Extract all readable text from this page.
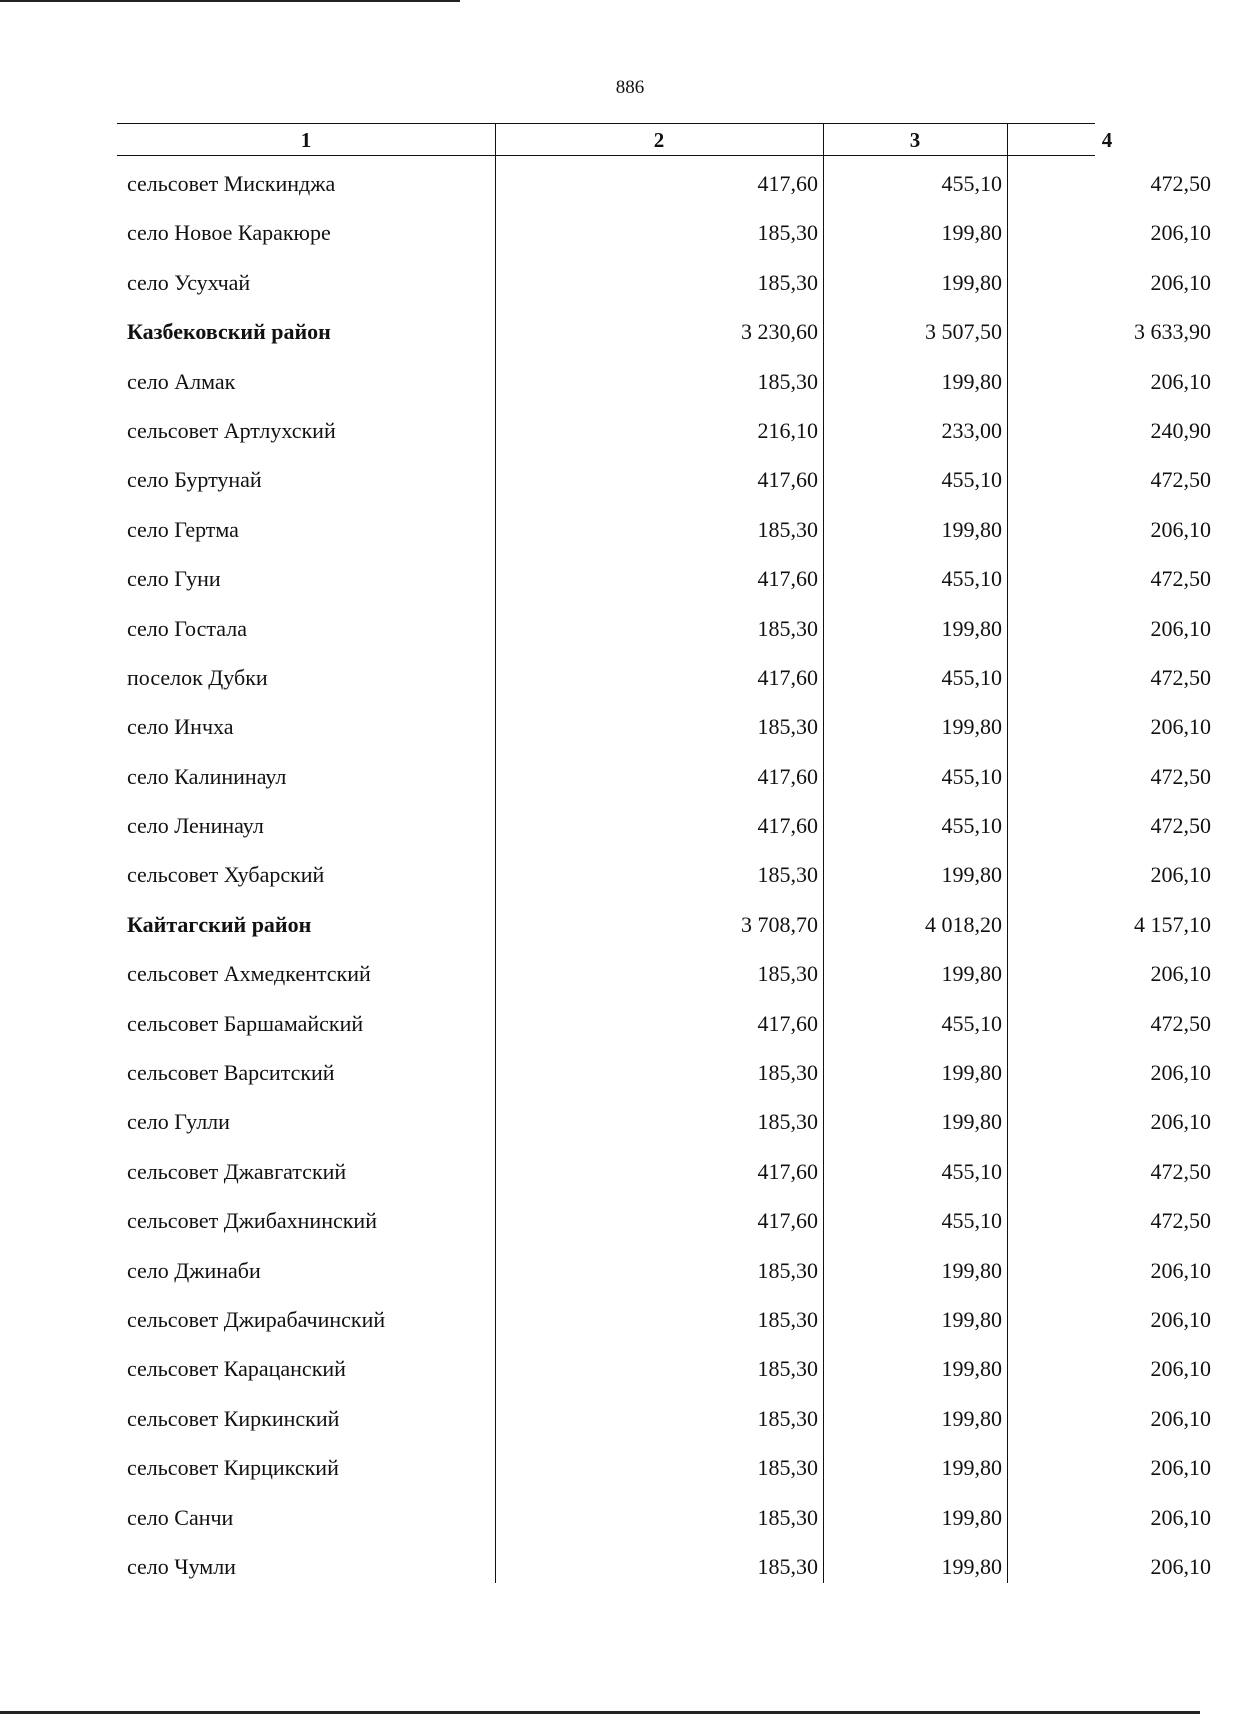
886
1	2	3	4
сельсовет Мискинджа	417,60	455,10	472,50
село Новое Каракюре	185,30	199,80	206,10
село Усухчай	185,30	199,80	206,10
Казбековский район	3 230,60	3 507,50	3 633,90
село Алмак	185,30	199,80	206,10
сельсовет Артлухский	216,10	233,00	240,90
село Буртунай	417,60	455,10	472,50
село Гертма	185,30	199,80	206,10
село Гуни	417,60	455,10	472,50
село Гостала	185,30	199,80	206,10
поселок Дубки	417,60	455,10	472,50
село Инчха	185,30	199,80	206,10
село Калининаул	417,60	455,10	472,50
село Ленинаул	417,60	455,10	472,50
сельсовет Хубарский	185,30	199,80	206,10
Кайтагский район	3 708,70	4 018,20	4 157,10
сельсовет Ахмедкентский	185,30	199,80	206,10
сельсовет Баршамайский	417,60	455,10	472,50
сельсовет Варситский	185,30	199,80	206,10
село Гулли	185,30	199,80	206,10
сельсовет Джавгатский	417,60	455,10	472,50
сельсовет Джибахнинский	417,60	455,10	472,50
село Джинаби	185,30	199,80	206,10
сельсовет Джирабачинский	185,30	199,80	206,10
сельсовет Карацанский	185,30	199,80	206,10
сельсовет Киркинский	185,30	199,80	206,10
сельсовет Кирцикский	185,30	199,80	206,10
село Санчи	185,30	199,80	206,10
село Чумли	185,30	199,80	206,10
